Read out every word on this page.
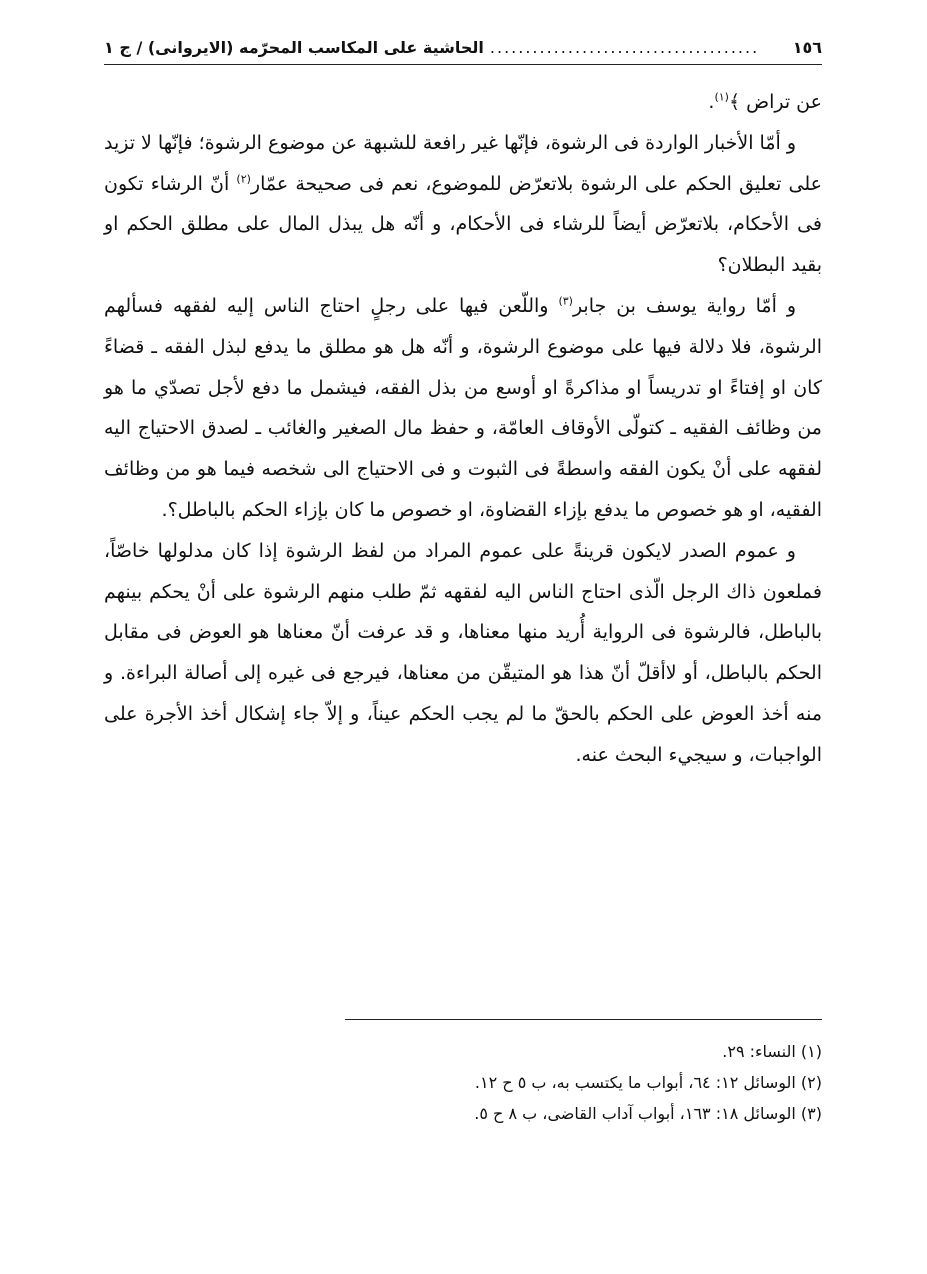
١٥٦
......................................
الحاشية على المكاسب المحرّمه (الايروانى) / ج ١

عن تراض ﴾$^{(١)}$.

و أمّا الأخبار الواردة فى الرشوة، فإنّها غير رافعة للشبهة عن موضوع الرشوة؛ فإنّها لا تزيد على تعليق الحكم على الرشوة بلاتعرّض للموضوع، نعم فى صحيحة عمّار$^{(٢)}$ أنّ الرشاء تكون فى الأحكام، بلاتعرّض أيضاً للرشاء فى الأحكام، و أنّه هل يبذل المال على مطلق الحكم او بقيد البطلان؟

و أمّا رواية يوسف بن جابر$^{(٣)}$ واللّعن فيها على رجلٍ احتاج الناس إليه لفقهه فسألهم الرشوة، فلا دلالة فيها على موضوع الرشوة، و أنّه هل هو مطلق ما يدفع لبذل الفقه ـ قضاءً كان او إفتاءً او تدريساً او مذاكرةً او أوسع من بذل الفقه، فيشمل ما دفع لأجل تصدّي ما هو من وظائف الفقيه ـ كتولّى الأوقاف العامّة، و حفظ مال الصغير والغائب ـ لصدق الاحتياج اليه لفقهه على أنْ يكون الفقه واسطةً فى الثبوت و فى الاحتياج الى شخصه فيما هو من وظائف الفقيه، او هو خصوص ما يدفع بإزاء القضاوة، او خصوص ما كان بإزاء الحكم بالباطل؟.

و عموم الصدر لايكون قرينةً على عموم المراد من لفظ الرشوة إذا كان مدلولها خاصّاً، فملعون ذاك الرجل الّذى احتاج الناس اليه لفقهه ثمّ طلب منهم الرشوة على أنْ يحكم بينهم بالباطل، فالرشوة فى الرواية أُريد منها معناها، و قد عرفت أنّ معناها هو العوض فى مقابل الحكم بالباطل، أو لاأقلّ أنّ هذا هو المتيقّن من معناها، فيرجع فى غيره إلى أصالة البراءة. و منه أخذ العوض على الحكم بالحقّ ما لم يجب الحكم عيناً، و إلاّ جاء إشكال أخذ الأجرة على الواجبات، و سيجيء البحث عنه.

(١) النساء: ٢٩.
(٢) الوسائل ١٢: ٦٤، أبواب ما يكتسب به، ب ٥ ح ١٢.
(٣) الوسائل ١٨: ١٦٣، أبواب آداب القاضى، ب ٨ ح ٥.
